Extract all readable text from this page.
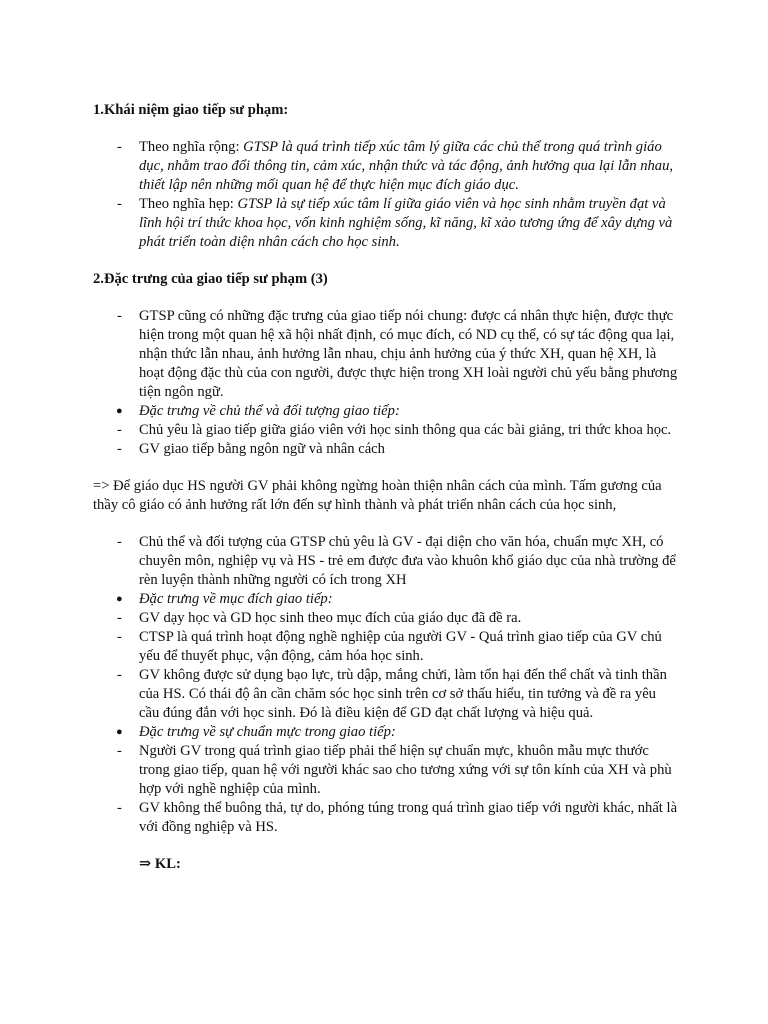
1.Khái niệm giao tiếp sư phạm:
-	Theo nghĩa rộng: GTSP là quá trình tiếp xúc tâm lý giữa các chủ thể trong quá trình giáo dục, nhằm trao đổi thông tin, cảm xúc, nhận thức và tác động, ảnh hưởng qua lại lẫn nhau, thiết lập nên những mối quan hệ để thực hiện mục đích giáo dục.
-	Theo nghĩa hẹp: GTSP là sự tiếp xúc tâm lí giữa giáo viên và học sinh nhằm truyền đạt và lĩnh hội trí thức khoa học, vốn kinh nghiệm sống, kĩ năng, kĩ xảo tương ứng để xây dựng và phát triển toàn diện nhân cách cho học sinh.
2.Đặc trưng của giao tiếp sư phạm (3)
-	GTSP cũng có những đặc trưng của giao tiếp nói chung: được cá nhân thực hiện, được thực hiện trong một quan hệ xã hội nhất định, có mục đích, có ND cụ thể, có sự tác động qua lại, nhận thức lẫn nhau, ảnh hưởng lẫn nhau, chịu ảnh hưởng của ý thức XH, quan hệ XH, là hoạt động đặc thù của con người, được thực hiện trong XH loài người chủ yếu bằng phương tiện ngôn ngữ.
●	Đặc trưng về chủ thể và đối tượng giao tiếp:
-	Chủ yêu là giao tiếp giữa giáo viên với học sinh thông qua các bài giảng, tri thức khoa học.
-	GV giao tiếp bằng ngôn ngữ và nhân cách

=> Để giáo dục HS người GV phải không ngừng hoàn thiện nhân cách của mình. Tấm gương của thầy cô giáo có ảnh hưởng rất lớn đến sự hình thành và phát triển nhân cách của học sinh,

-	Chủ thể và đối tượng của GTSP chủ yêu là GV - đại diện cho văn hóa, chuẩn mực XH, có chuyên môn, nghiệp vụ và HS - trẻ em được đưa vào khuôn khổ giáo dục của nhà trường để rèn luyện thành những người có ích trong XH
●	Đặc trưng về mục đích giao tiếp:
-	GV dạy học và GD học sinh theo mục đích của giáo dục đã đề ra.
-	CTSP là quá trình hoạt động nghề nghiệp của người GV - Quá trình giao tiếp của GV chủ yếu để thuyết phục, vận động, cảm hóa học sinh.
-	GV không được sử dụng bạo lực, trù dập, mắng chửi, làm tổn hại đến thể chất và tinh thần của HS. Có thái độ ân cần chăm sóc học sinh trên cơ sở thấu hiểu, tin tưởng và đề ra yêu cầu đúng đắn với học sinh. Đó là điều kiện để GD đạt chất lượng và hiệu quả.
●	Đặc trưng về sự chuẩn mực trong giao tiếp:
-	Người GV trong quá trình giao tiếp phải thể hiện sự chuẩn mực, khuôn mẫu mực thước trong giao tiếp, quan hệ với người khác sao cho tương xứng với sự tôn kính của XH và phù hợp với nghề nghiệp của mình.
-	GV không thể buông thả, tự do, phóng túng trong quá trình giao tiếp với người khác, nhất là với đồng nghiệp và HS.
⇒ KL:
